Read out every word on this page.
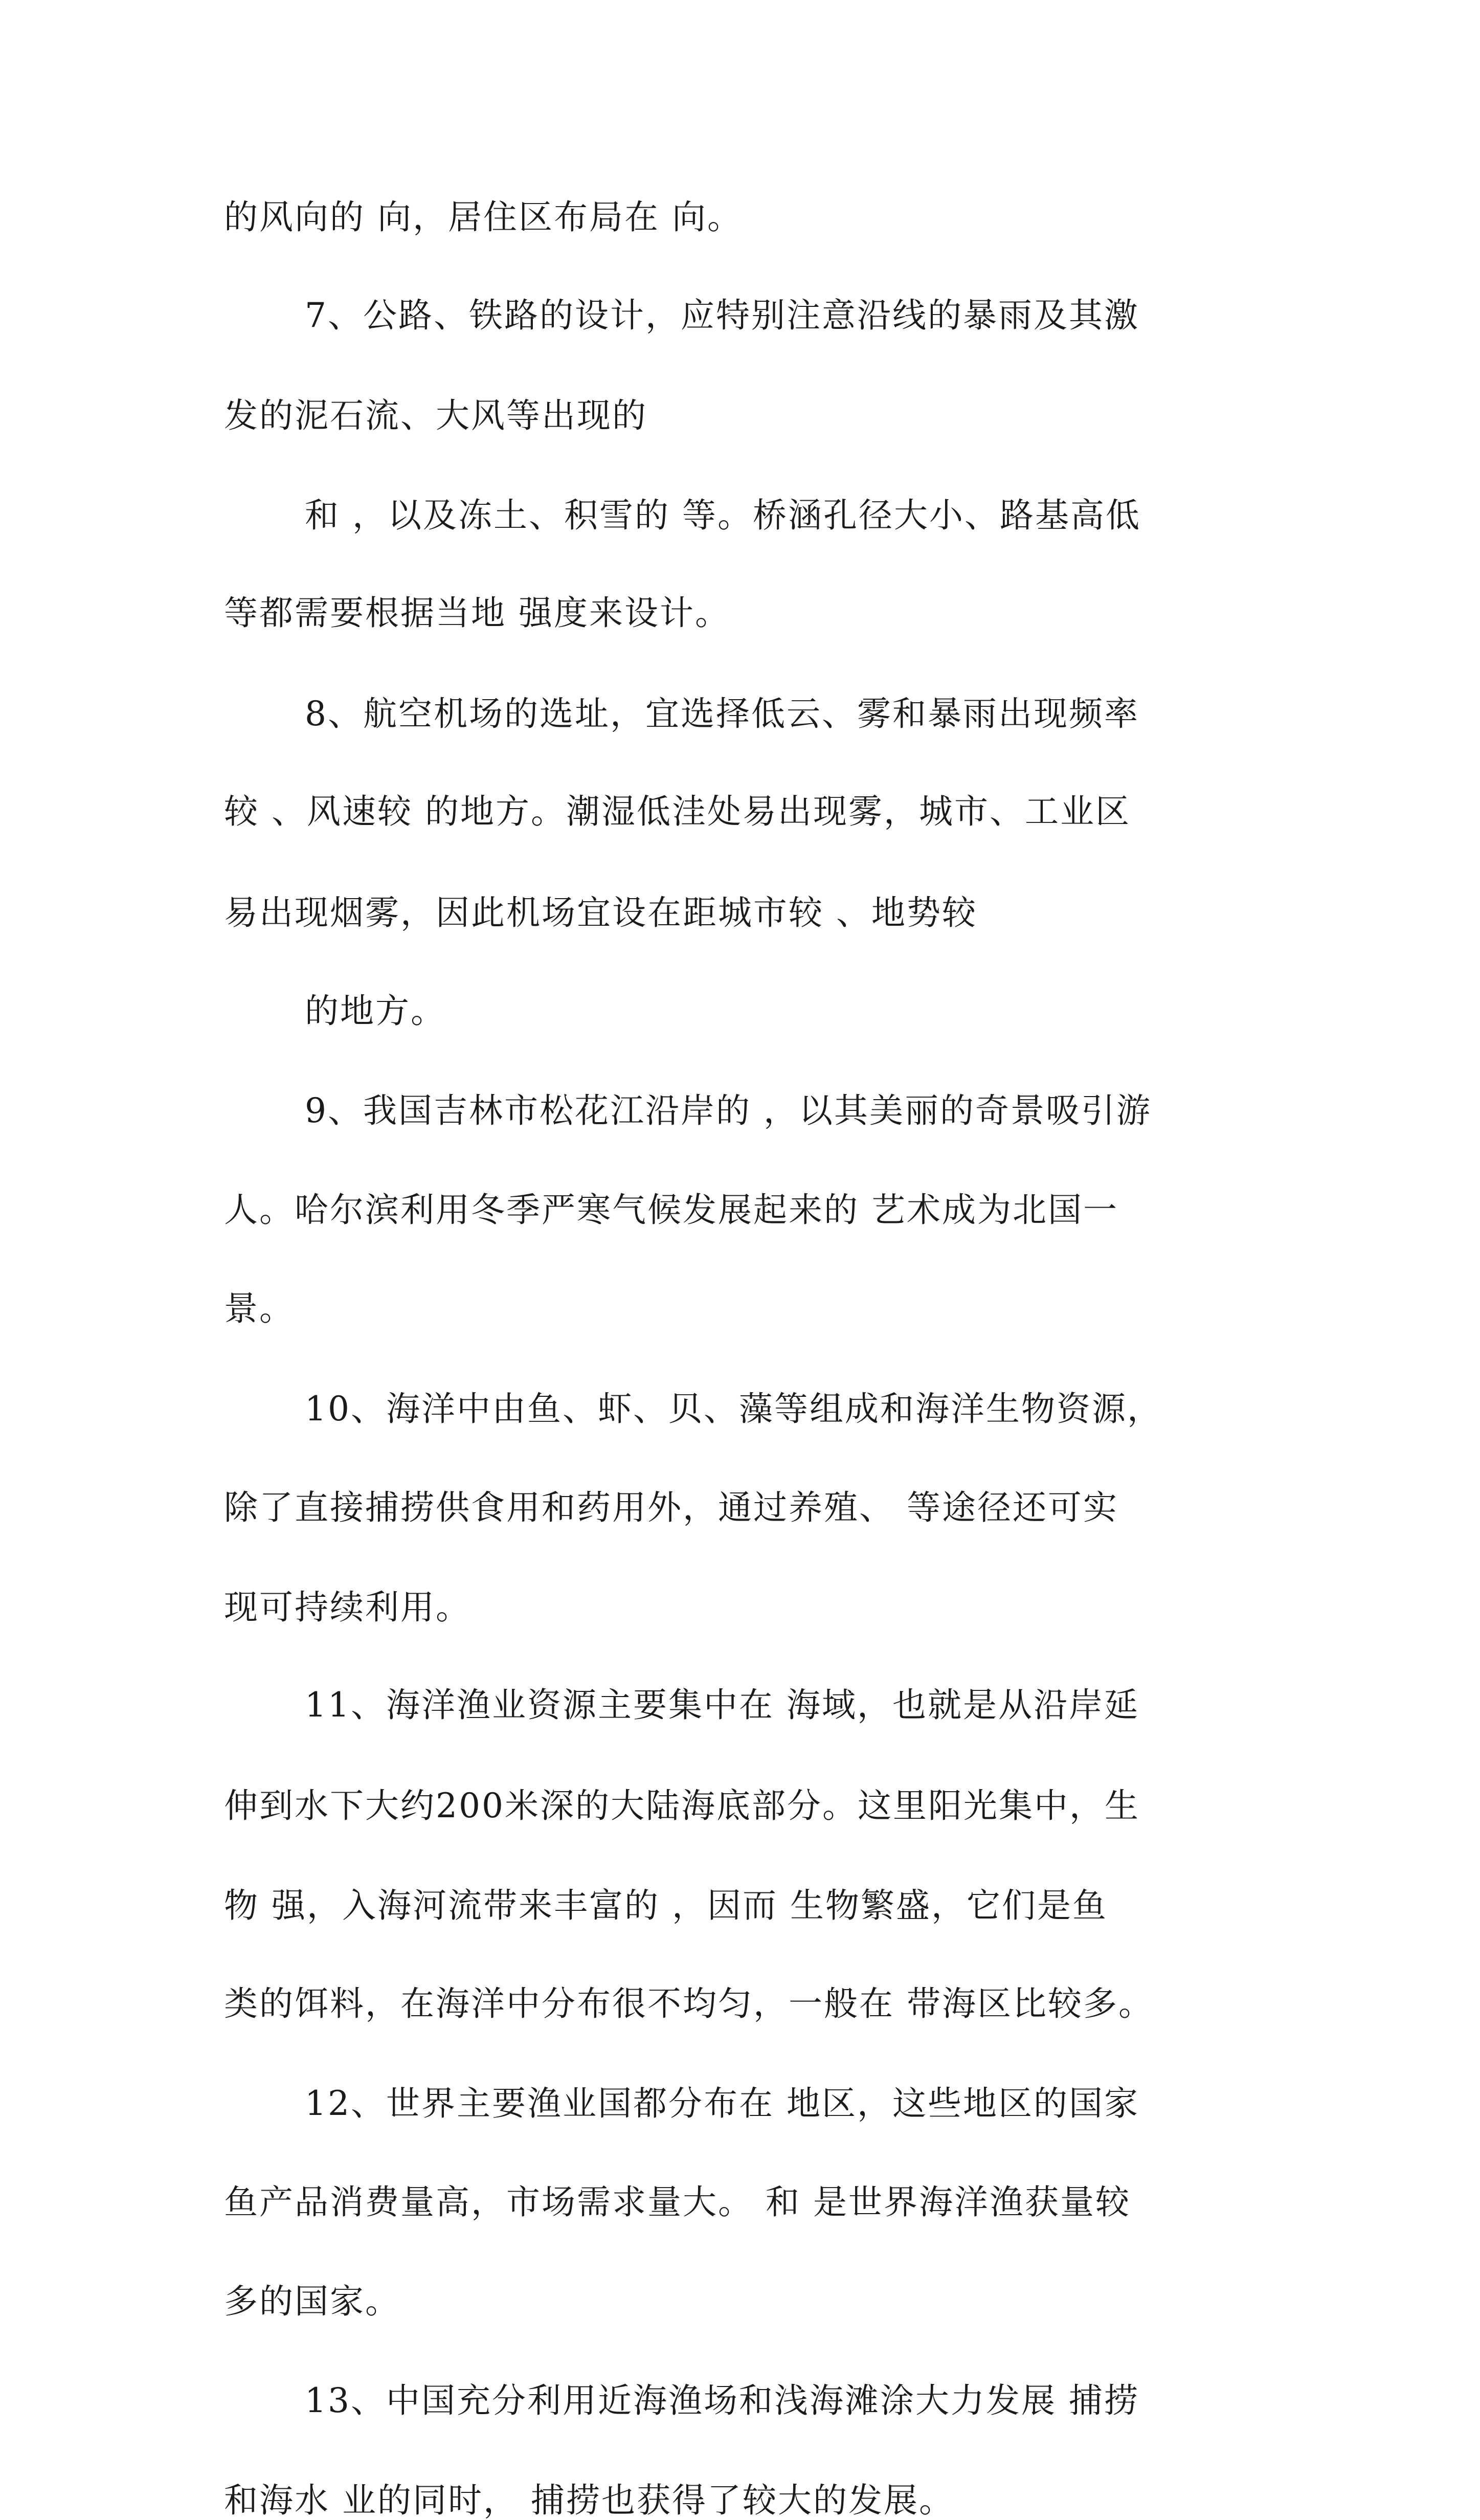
的风向的 向，居住区布局在 向。

7、公路、铁路的设计，应特别注意沿线的暴雨及其激

发的泥石流、大风等出现的

和 ，以及冻土、积雪的 等。桥涵孔径大小、路基高低

等都需要根据当地 强度来设计。

8、航空机场的选址，宜选择低云、雾和暴雨出现频率

较 、风速较 的地方。潮湿低洼处易出现雾，城市、工业区

易出现烟雾，因此机场宜设在距城市较 、地势较

的地方。

9、我国吉林市松花江沿岸的 ，以其美丽的奇景吸引游

人。哈尔滨利用冬季严寒气候发展起来的 艺术成为北国一

景。

10、海洋中由鱼、虾、贝、藻等组成和海洋生物资源，

除了直接捕捞供食用和药用外，通过养殖、 等途径还可实

现可持续利用。

11、海洋渔业资源主要集中在 海域，也就是从沿岸延

伸到水下大约200米深的大陆海底部分。这里阳光集中，生

物 强，入海河流带来丰富的 ，因而 生物繁盛，它们是鱼

类的饵料，在海洋中分布很不均匀，一般在 带海区比较多。

12、世界主要渔业国都分布在 地区，这些地区的国家

鱼产品消费量高，市场需求量大。 和 是世界海洋渔获量较

多的国家。

13、中国充分利用近海渔场和浅海滩涂大力发展 捕捞

和海水 业的同时， 捕捞也获得了较大的发展。
